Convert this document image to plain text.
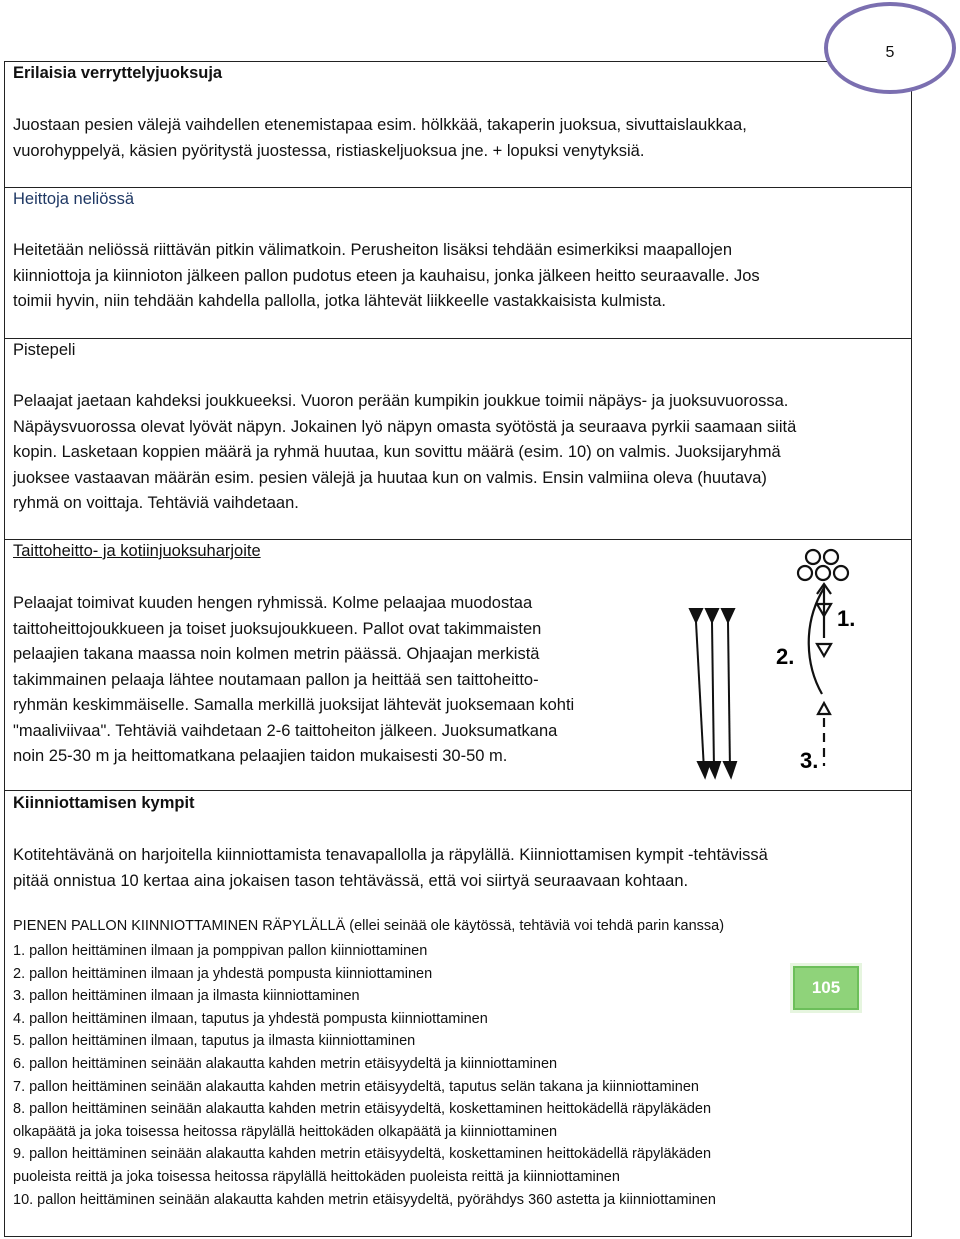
5
Erilaisia verryttelyjuoksuja
Juostaan pesien välejä vaihdellen etenemistapaa esim. hölkkää, takaperin juoksua, sivuttaislaukkaa,
vuorohyppelyä, käsien pyöritystä juostessa, ristiaskeljuoksua jne. + lopuksi venytyksiä.
Heittoja neliössä
Heitetään neliössä riittävän pitkin välimatkoin. Perusheiton lisäksi tehdään esimerkiksi maapallojen
kiinniottoja ja kiinnioton jälkeen pallon pudotus eteen ja kauhaisu, jonka jälkeen heitto seuraavalle. Jos
toimii hyvin, niin tehdään kahdella pallolla, jotka lähtevät liikkeelle vastakkaisista kulmista.
Pistepeli
Pelaajat jaetaan kahdeksi joukkueeksi. Vuoron perään kumpikin joukkue toimii näpäys- ja juoksuvuorossa.
Näpäysvuorossa olevat lyövät näpyn. Jokainen lyö näpyn omasta syötöstä ja seuraava pyrkii saamaan siitä
kopin. Lasketaan koppien määrä ja ryhmä huutaa, kun sovittu määrä (esim. 10) on valmis. Juoksijaryhmä
juoksee vastaavan määrän esim. pesien välejä ja huutaa kun on valmis. Ensin valmiina oleva (huutava)
ryhmä on voittaja. Tehtäviä vaihdetaan.
Taittoheitto- ja kotiinjuoksuharjoite
Pelaajat toimivat kuuden hengen ryhmissä. Kolme pelaajaa muodostaa
taittoheittojoukkueen ja toiset juoksujoukkueen. Pallot ovat takimmaisten
pelaajien takana maassa noin kolmen metrin päässä. Ohjaajan merkistä
takimmainen pelaaja lähtee noutamaan pallon ja heittää sen taittoheitto-
ryhmän keskimmäiselle. Samalla merkillä juoksijat lähtevät juoksemaan kohti
"maaliviivaa". Tehtäviä vaihdetaan 2-6 taittoheiton jälkeen. Juoksumatkana
noin 25-30 m ja heittomatkana pelaajien taidon mukaisesti 30-50 m.
1.
2.
3.
Kiinniottamisen kympit
Kotitehtävänä on harjoitella kiinniottamista tenavapallolla ja räpylällä. Kiinniottamisen kympit -tehtävissä
pitää onnistua 10 kertaa aina jokaisen tason tehtävässä, että voi siirtyä seuraavaan kohtaan.
PIENEN PALLON KIINNIOTTAMINEN RÄPYLÄLLÄ (ellei seinää ole käytössä, tehtäviä voi tehdä parin kanssa)
1. pallon heittäminen ilmaan ja pomppivan pallon kiinniottaminen
2. pallon heittäminen ilmaan ja yhdestä pompusta kiinniottaminen
3. pallon heittäminen ilmaan ja ilmasta kiinniottaminen
4. pallon heittäminen ilmaan, taputus ja yhdestä pompusta kiinniottaminen
5. pallon heittäminen ilmaan, taputus ja ilmasta kiinniottaminen
6. pallon heittäminen seinään alakautta kahden metrin etäisyydeltä ja kiinniottaminen
7. pallon heittäminen seinään alakautta kahden metrin etäisyydeltä, taputus selän takana ja kiinniottaminen
8. pallon heittäminen seinään alakautta kahden metrin etäisyydeltä, koskettaminen heittokädellä räpyläkäden
olkapäätä ja joka toisessa heitossa räpylällä heittokäden olkapäätä ja kiinniottaminen
9. pallon heittäminen seinään alakautta kahden metrin etäisyydeltä, koskettaminen heittokädellä räpyläkäden
puoleista reittä ja joka toisessa heitossa räpylällä heittokäden puoleista reittä ja kiinniottaminen
10. pallon heittäminen seinään alakautta kahden metrin etäisyydeltä, pyörähdys 360 astetta ja kiinniottaminen
105
